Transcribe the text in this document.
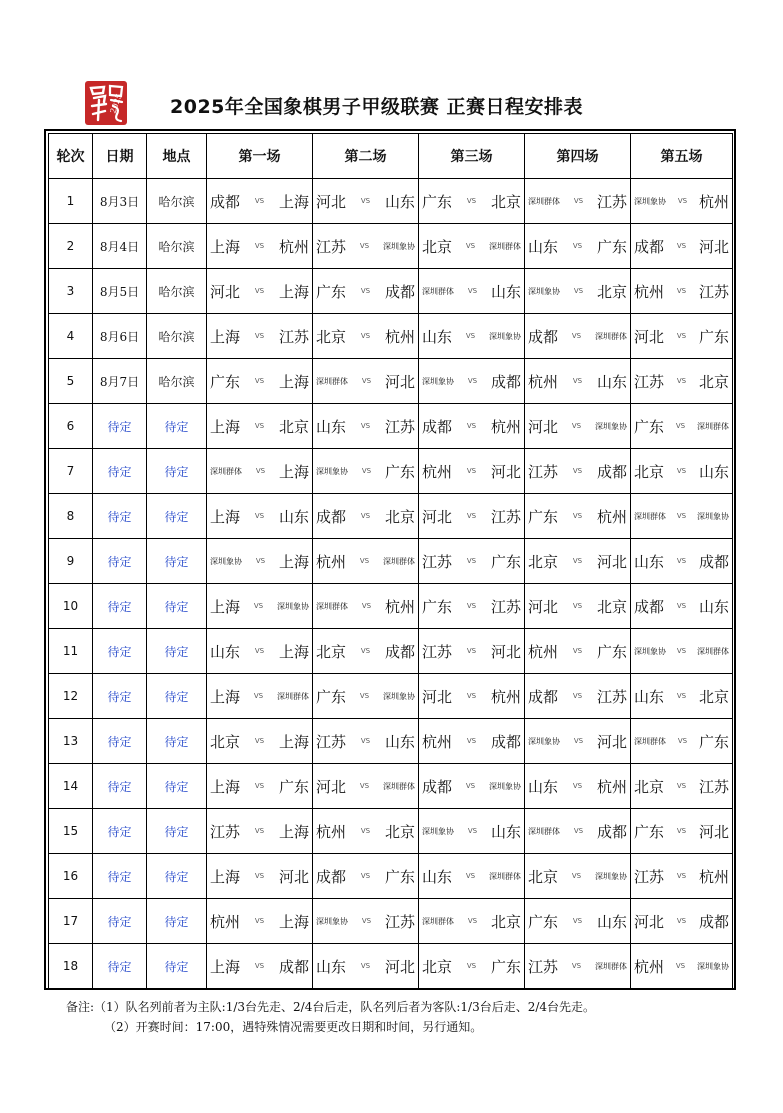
2025 2025年全国象棋男子甲级联赛 正赛日程安排表
轮次	日期	地点	第一场	第二场	第三场	第四场	第五场
1	8月3日	哈尔滨	成都 VS 上海	河北 VS 山东	广东 VS 北京	深圳群体 VS 江苏	深圳象协 VS 杭州

2	8月4日	哈尔滨	上海 VS 杭州	江苏 VS 深圳象协	北京 VS 深圳群体	山东 VS 广东	成都 VS 河北

3	8月5日	哈尔滨	河北 VS 上海	广东 VS 成都	深圳群体 VS 山东	深圳象协 VS 北京	杭州 VS 江苏

4	8月6日	哈尔滨	上海 VS 江苏	北京 VS 杭州	山东 VS 深圳象协	成都 VS 深圳群体	河北 VS 广东

5	8月7日	哈尔滨	广东 VS 上海	深圳群体 VS 河北	深圳象协 VS 成都	杭州 VS 山东	江苏 VS 北京

6	待定	待定	上海 VS 北京	山东 VS 江苏	成都 VS 杭州	河北 VS 深圳象协	广东 VS 深圳群体

7	待定	待定	深圳群体 VS 上海	深圳象协 VS 广东	杭州 VS 河北	江苏 VS 成都	北京 VS 山东

8	待定	待定	上海 VS 山东	成都 VS 北京	河北 VS 江苏	广东 VS 杭州	深圳群体 VS 深圳象协

9	待定	待定	深圳象协 VS 上海	杭州 VS 深圳群体	江苏 VS 广东	北京 VS 河北	山东 VS 成都

10	待定	待定	上海 VS 深圳象协	深圳群体 VS 杭州	广东 VS 江苏	河北 VS 北京	成都 VS 山东

11	待定	待定	山东 VS 上海	北京 VS 成都	江苏 VS 河北	杭州 VS 广东	深圳象协 VS 深圳群体

12	待定	待定	上海 VS 深圳群体	广东 VS 深圳象协	河北 VS 杭州	成都 VS 江苏	山东 VS 北京

13	待定	待定	北京 VS 上海	江苏 VS 山东	杭州 VS 成都	深圳象协 VS 河北	深圳群体 VS 广东

14	待定	待定	上海 VS 广东	河北 VS 深圳群体	成都 VS 深圳象协	山东 VS 杭州	北京 VS 江苏

15	待定	待定	江苏 VS 上海	杭州 VS 北京	深圳象协 VS 山东	深圳群体 VS 成都	广东 VS 河北

16	待定	待定	上海 VS 河北	成都 VS 广东	山东 VS 深圳群体	北京 VS 深圳象协	江苏 VS 杭州

17	待定	待定	杭州 VS 上海	深圳象协 VS 江苏	深圳群体 VS 北京	广东 VS 山东	河北 VS 成都

18	待定	待定	上海 VS 成都	山东 VS 河北	北京 VS 广东	江苏 VS 深圳群体	杭州 VS 深圳象协
备注:（1）队名列前者为主队:1/3台先走、2/4台后走，队名列后者为客队:1/3台后走、2/4台先走。
（2）开赛时间：17:00，遇特殊情况需要更改日期和时间，另行通知。
